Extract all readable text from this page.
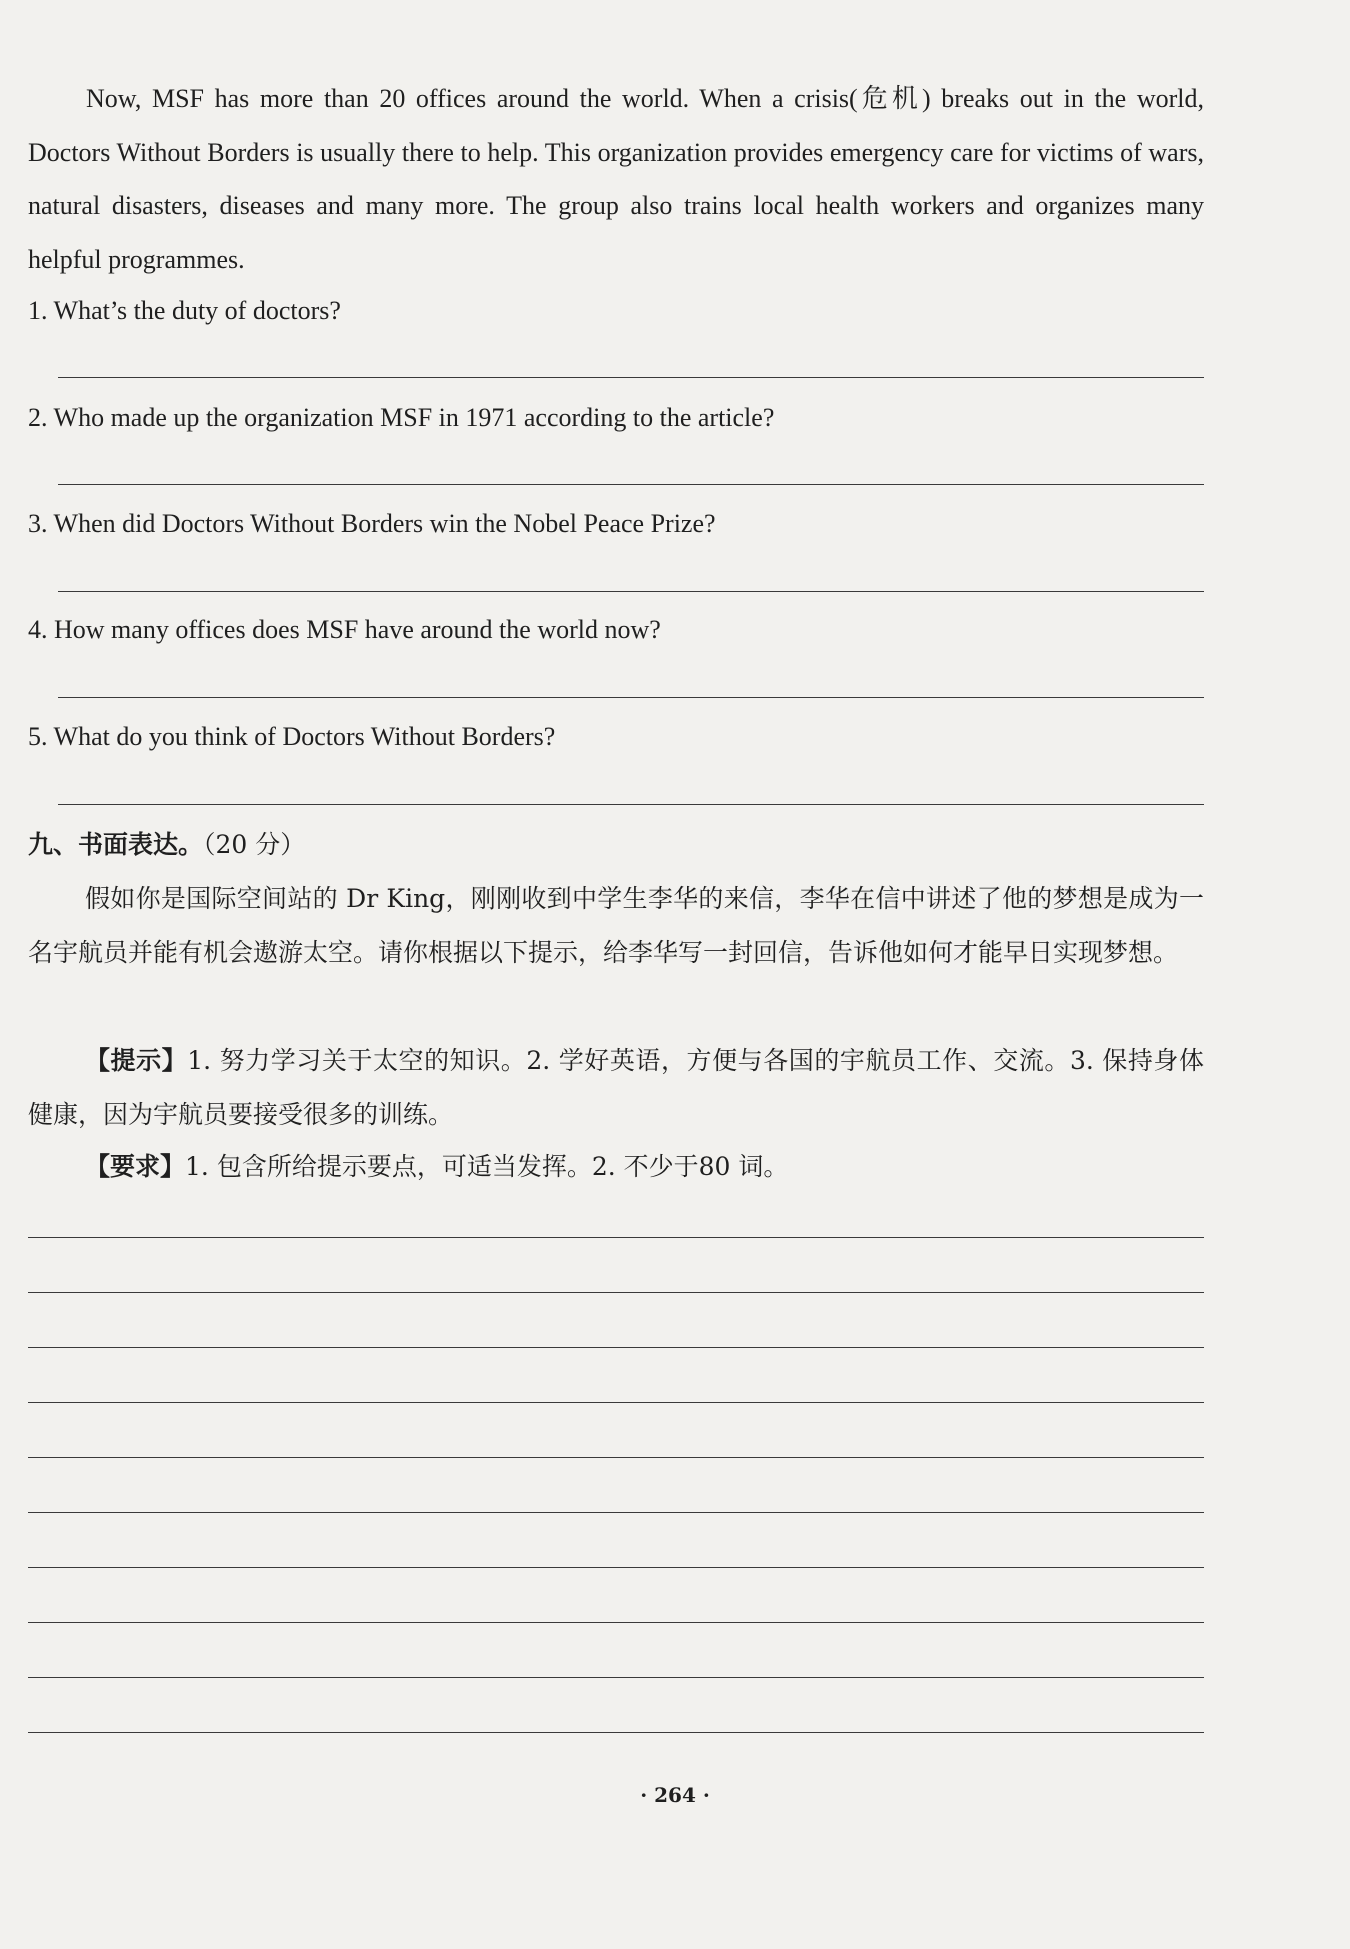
Now, MSF has more than 20 offices around the world. When a crisis(危机) breaks out in the world, Doctors Without Borders is usually there to help. This organization provides emergency care for victims of wars, natural disasters, diseases and many more. The group also trains local health workers and organizes many helpful programmes.
1. What’s the duty of doctors?
2. Who made up the organization MSF in 1971 according to the article?
3. When did Doctors Without Borders win the Nobel Peace Prize?
4. How many offices does MSF have around the world now?
5. What do you think of Doctors Without Borders?
九、书面表达。（20 分）
假如你是国际空间站的 Dr King，刚刚收到中学生李华的来信，李华在信中讲述了他的梦想是成为一名宇航员并能有机会遨游太空。请你根据以下提示，给李华写一封回信，告诉他如何才能早日实现梦想。
【提示】1. 努力学习关于太空的知识。2. 学好英语，方便与各国的宇航员工作、交流。3. 保持身体健康，因为宇航员要接受很多的训练。
【要求】1. 包含所给提示要点，可适当发挥。2. 不少于80 词。
· 264 ·
